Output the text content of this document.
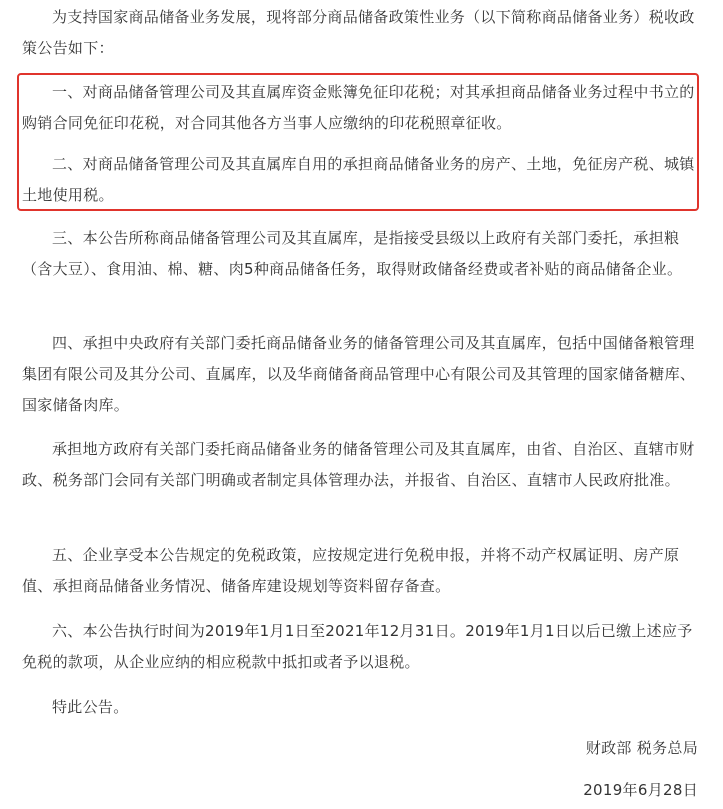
为支持国家商品储备业务发展，现将部分商品储备政策性业务（以下简称商品储备业务）税收政策公告如下：

一、对商品储备管理公司及其直属库资金账簿免征印花税；对其承担商品储备业务过程中书立的购销合同免征印花税，对合同其他各方当事人应缴纳的印花税照章征收。

二、对商品储备管理公司及其直属库自用的承担商品储备业务的房产、土地，免征房产税、城镇土地使用税。

三、本公告所称商品储备管理公司及其直属库，是指接受县级以上政府有关部门委托，承担粮（含大豆）、食用油、棉、糖、肉5种商品储备任务，取得财政储备经费或者补贴的商品储备企业。

四、承担中央政府有关部门委托商品储备业务的储备管理公司及其直属库，包括中国储备粮管理集团有限公司及其分公司、直属库，以及华商储备商品管理中心有限公司及其管理的国家储备糖库、国家储备肉库。

承担地方政府有关部门委托商品储备业务的储备管理公司及其直属库，由省、自治区、直辖市财政、税务部门会同有关部门明确或者制定具体管理办法，并报省、自治区、直辖市人民政府批准。

五、企业享受本公告规定的免税政策，应按规定进行免税申报，并将不动产权属证明、房产原值、承担商品储备业务情况、储备库建设规划等资料留存备查。

六、本公告执行时间为2019年1月1日至2021年12月31日。2019年1月1日以后已缴上述应予免税的款项，从企业应纳的相应税款中抵扣或者予以退税。

特此公告。

财政部 税务总局

2019年6月28日
